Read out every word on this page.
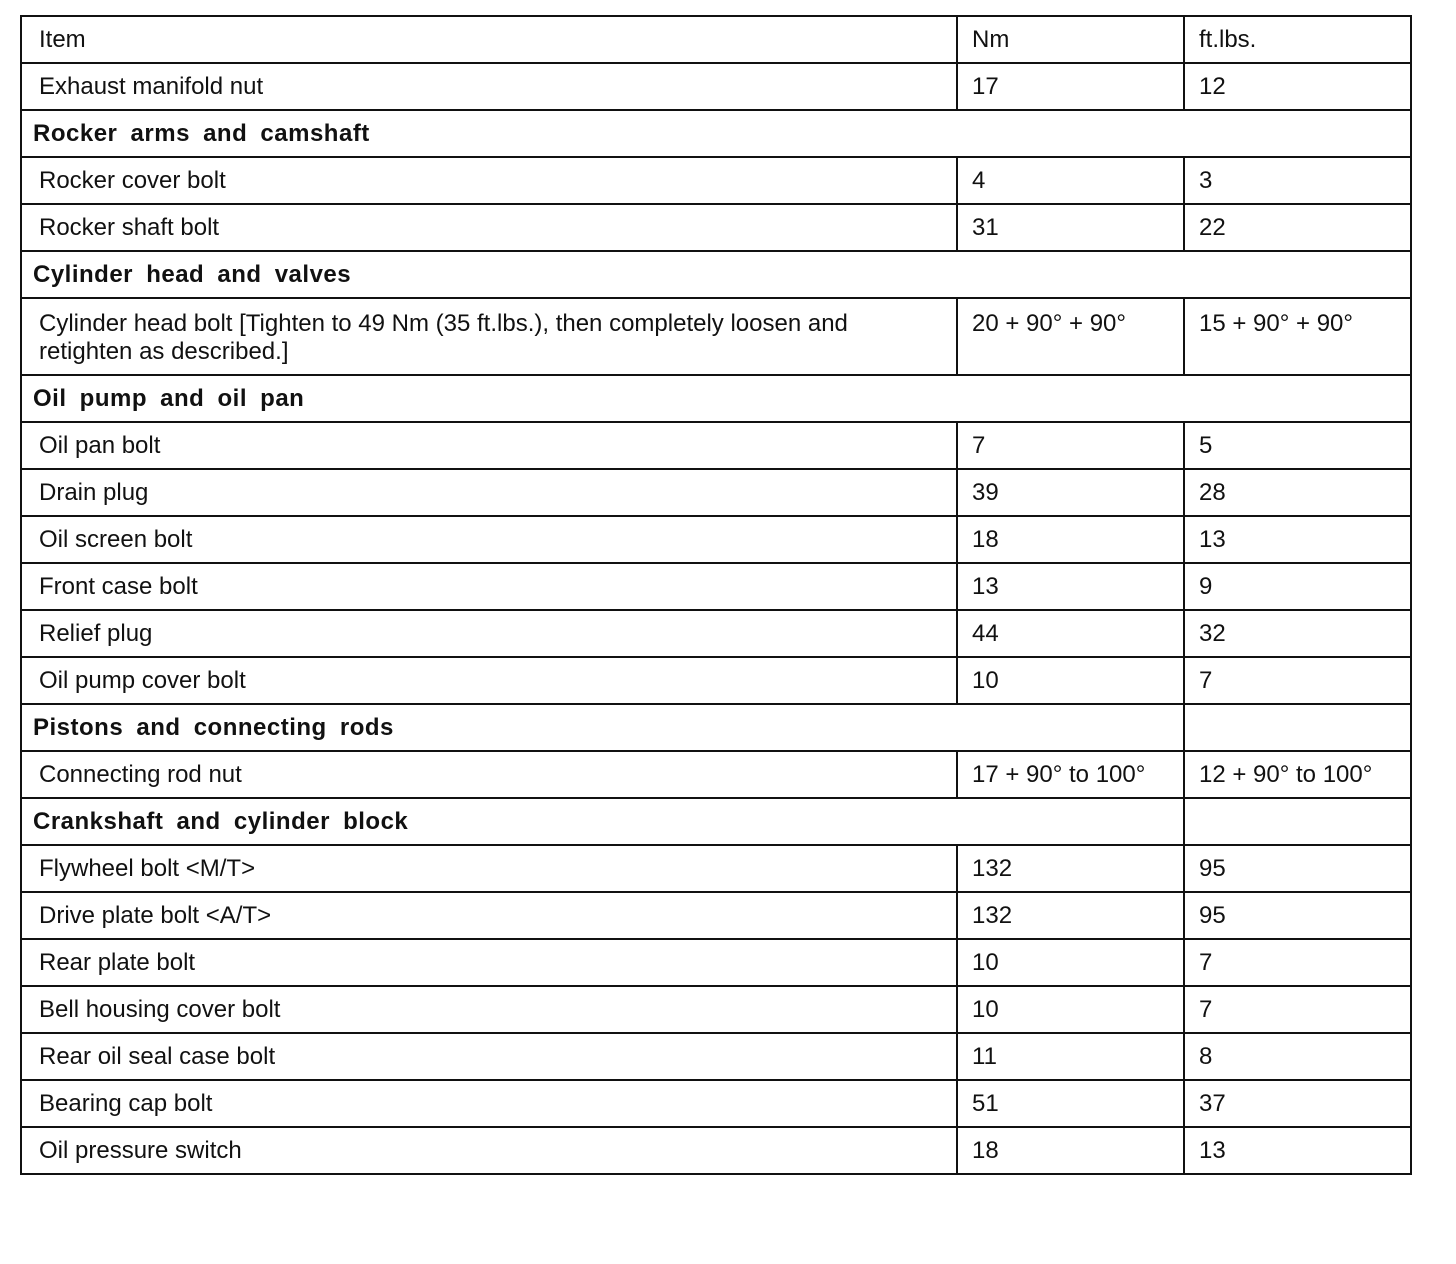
Item	Nm	ft.lbs.
Exhaust manifold nut	17	12
Rocker arms and camshaft		
Rocker cover bolt	4	3
Rocker shaft bolt	31	22
Cylinder head and valves		
Cylinder head bolt [Tighten to 49 Nm (35 ft.lbs.), then completely loosen and retighten as described.]	20 + 90° + 90°	15 + 90° + 90°
Oil pump and oil pan		
Oil pan bolt	7	5
Drain plug	39	28
Oil screen bolt	18	13
Front case bolt	13	9
Relief plug	44	32
Oil pump cover bolt	10	7
Pistons and connecting rods		
Connecting rod nut	17 + 90° to 100°	12 + 90° to 100°
Crankshaft and cylinder block		
Flywheel bolt <M/T>	132	95
Drive plate bolt <A/T>	132	95
Rear plate bolt	10	7
Bell housing cover bolt	10	7
Rear oil seal case bolt	11	8
Bearing cap bolt	51	37
Oil pressure switch	18	13
